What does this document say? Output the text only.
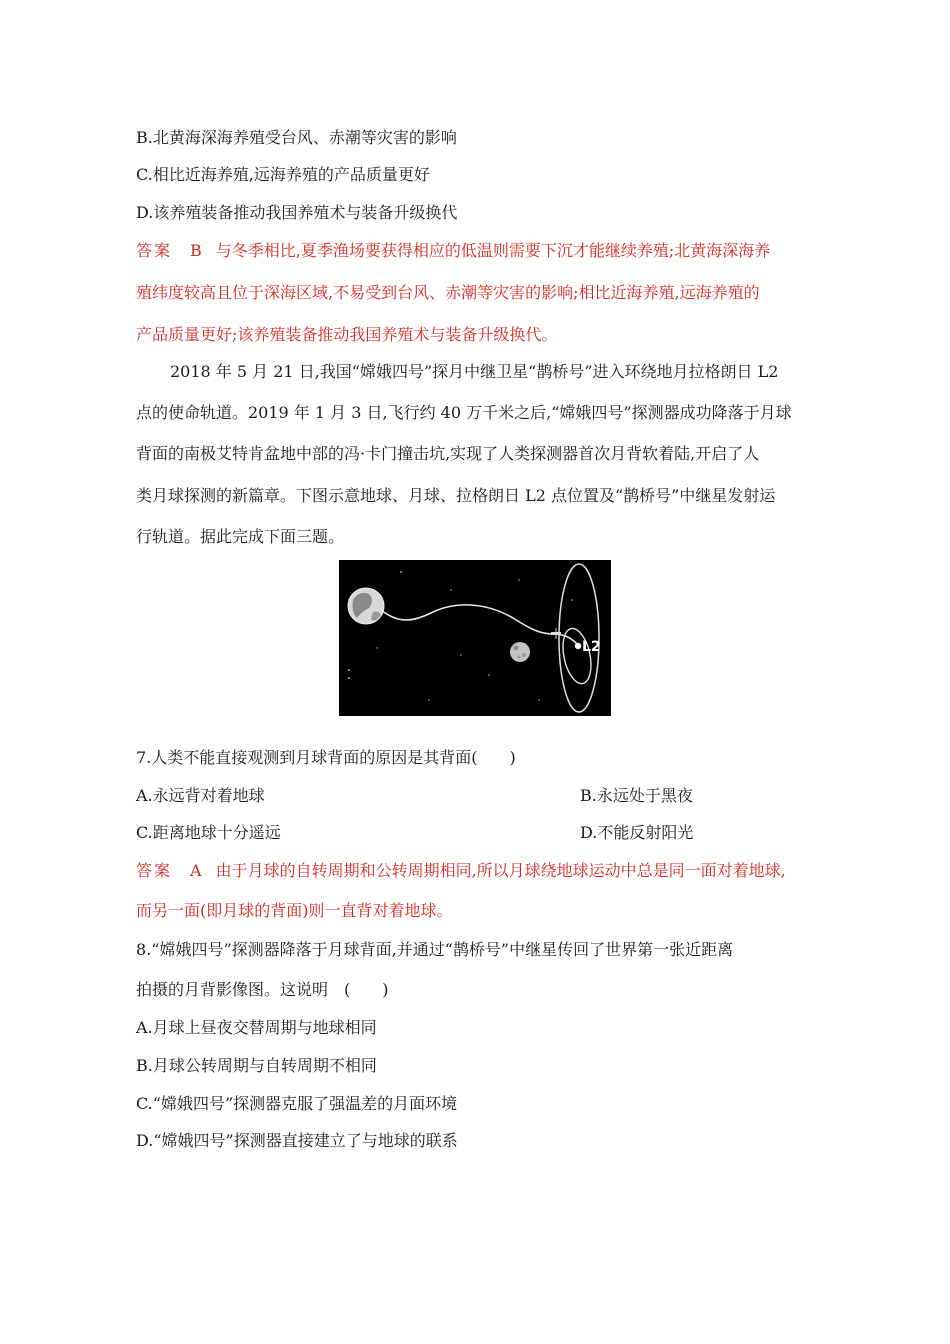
B.北黄海深海养殖受台风、赤潮等灾害的影响
C.相比近海养殖,远海养殖的产品质量更好
D.该养殖装备推动我国养殖术与装备升级换代
答案 B 与冬季相比,夏季渔场要获得相应的低温则需要下沉才能继续养殖;北黄海深海养
殖纬度较高且位于深海区域,不易受到台风、赤潮等灾害的影响;相比近海养殖,远海养殖的
产品质量更好;该养殖装备推动我国养殖术与装备升级换代。
2018 年 5 月 21 日,我国“嫦娥四号”探月中继卫星“鹊桥号”进入环绕地月拉格朗日 L2
点的使命轨道。2019 年 1 月 3 日,飞行约 40 万千米之后,“嫦娥四号”探测器成功降落于月球
背面的南极艾特肯盆地中部的冯·卡门撞击坑,实现了人类探测器首次月背软着陆,开启了人
类月球探测的新篇章。下图示意地球、月球、拉格朗日 L2 点位置及“鹊桥号”中继星发射运
行轨道。据此完成下面三题。
L2
7.人类不能直接观测到月球背面的原因是其背面(　　)
A.永远背对着地球	B.永远处于黑夜
C.距离地球十分遥远	D.不能反射阳光
答案 A 由于月球的自转周期和公转周期相同,所以月球绕地球运动中总是同一面对着地球,
而另一面(即月球的背面)则一直背对着地球。
8.“嫦娥四号”探测器降落于月球背面,并通过“鹊桥号”中继星传回了世界第一张近距离
拍摄的月背影像图。这说明　(　　)
A.月球上昼夜交替周期与地球相同
B.月球公转周期与自转周期不相同
C.“嫦娥四号”探测器克服了强温差的月面环境
D.“嫦娥四号”探测器直接建立了与地球的联系
